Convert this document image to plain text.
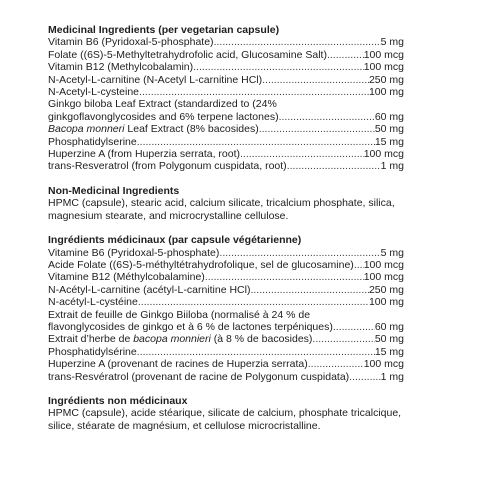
Medicinal Ingredients (per vegetarian capsule)
Vitamin B6 (Pyridoxal-5-phosphate) .....	5 mg
Folate ((6S)-5-Methyltetrahydrofolic acid, Glucosamine Salt) .....	100 mcg
Vitamin B12 (Methylcobalamin) .....	100 mcg
N-Acetyl-L-carnitine (N-Acetyl L-carnitine HCl) .....	250 mg
N-Acetyl-L-cysteine .....	100 mg
Ginkgo biloba Leaf Extract (standardized to (24%
ginkgoflavonglycosides and 6% terpene lactones) .....	60 mg
Bacopa monneri Leaf Extract (8% bacosides) .....	50 mg
Phosphatidylserine .....	15 mg
Huperzine A (from Huperzia serrata, root) .....	100 mcg
trans-Resveratrol (from Polygonum cuspidata, root) .....	1 mg
Non-Medicinal Ingredients
HPMC (capsule), stearic acid, calcium silicate, tricalcium phosphate, silica, magnesium stearate, and microcrystalline cellulose.
Ingrédients médicinaux (par capsule végétarienne)
Vitamine B6 (Pyridoxal-5-phosphate) .....	5 mg
Acide Folate ((6S)-5-méthyltétrahydrofolique, sel de glucosamine) ..... 100 mcg
Vitamine B12 (Méthylcobalamine) .....	100 mcg
N-Acétyl-L-carnitine (acétyl-L-carnitine HCl) .....	250 mg
N-acétyl-L-cystéine .....	100 mg
Extrait de feuille de Ginkgo Biiloba (normalisé à 24 % de
flavonglycosides de ginkgo et à 6 % de lactones terpéniques) .....	60 mg
Extrait d’herbe de bacopa monnieri (à 8 % de bacosides) .....	50 mg
Phosphatidylsérine .....	15 mg
Huperzine A (provenant de racines de Huperzia serrata) .....	100 mcg
trans-Resvératrol (provenant de racine de Polygonum cuspidata) .....	1 mg
Ingrédients non médicinaux
HPMC (capsule), acide stéarique, silicate de calcium, phosphate tricalcique, silice, stéarate de magnésium, et cellulose microcristalline.
